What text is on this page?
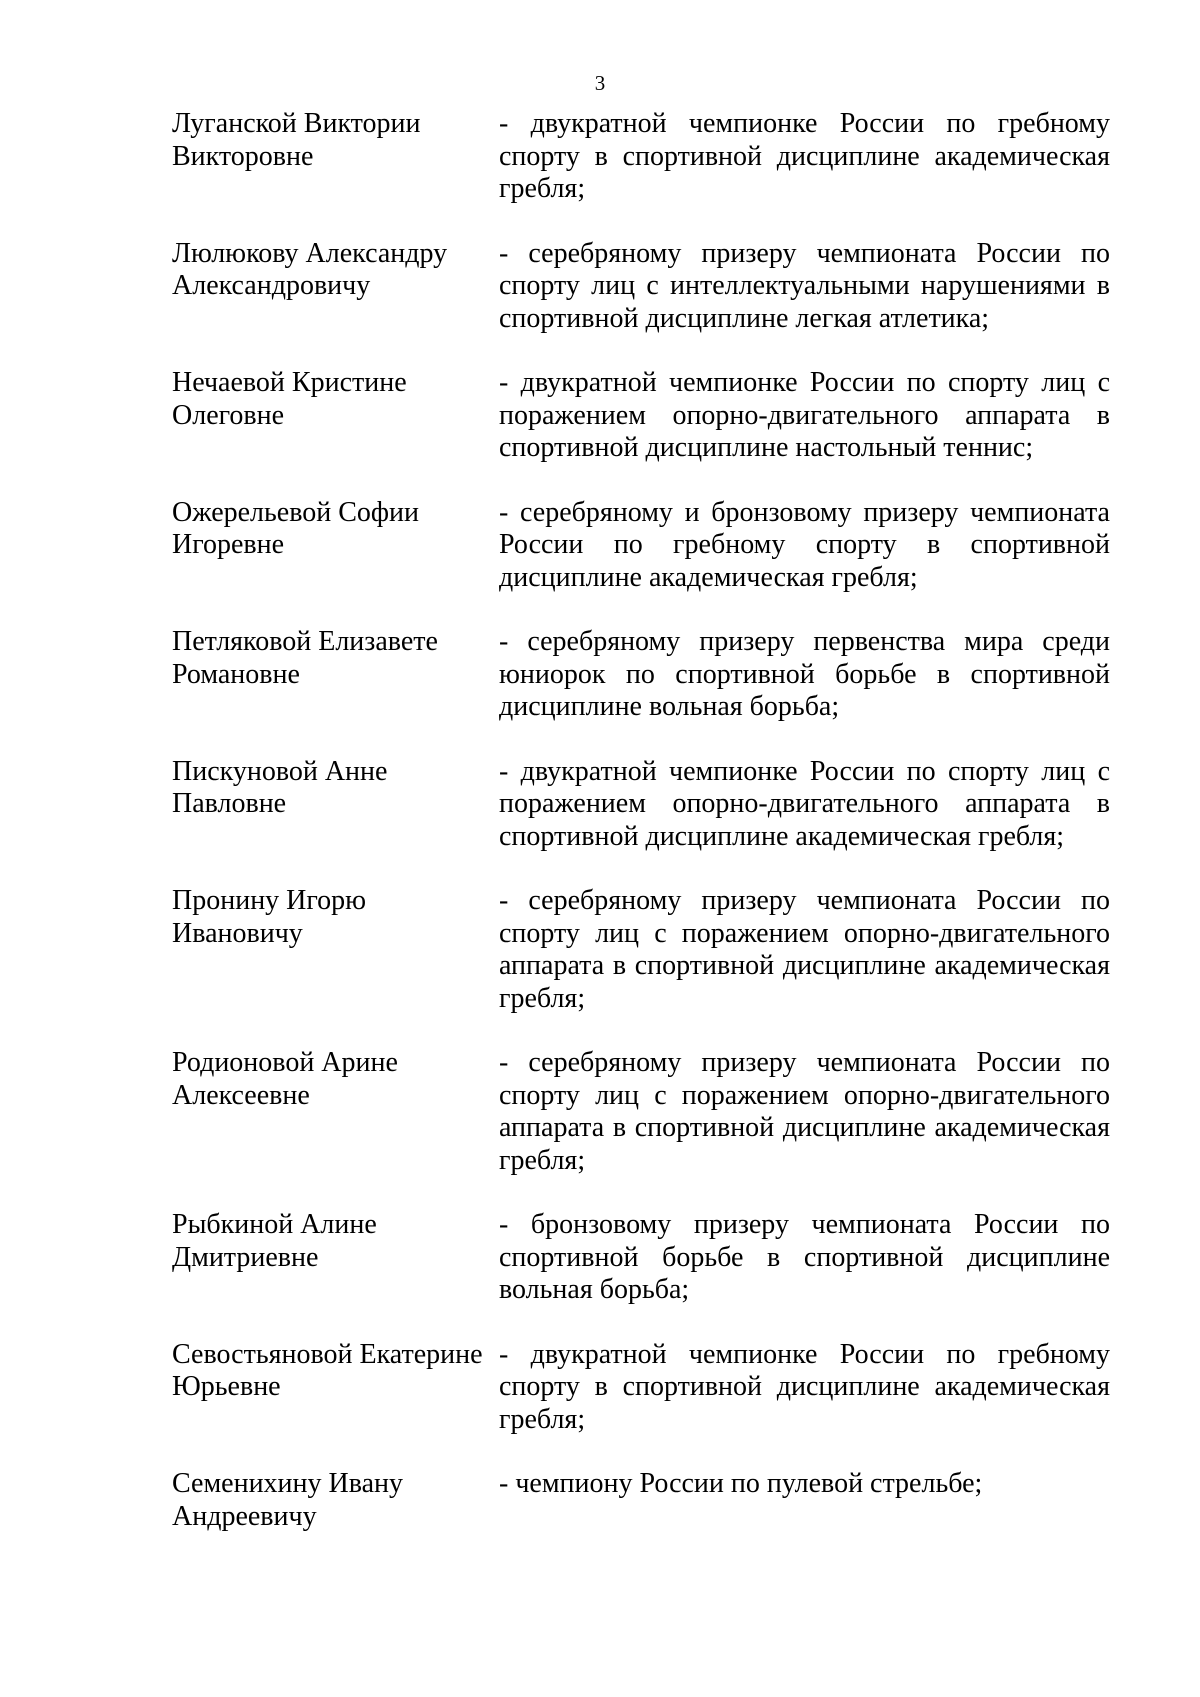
3
Луганской Виктории Викторовне
- двукратной чемпионке России по гребному спорту в спортивной дисциплине академическая гребля;
Люлюкову Александру Александровичу
- серебряному призеру чемпионата России по спорту лиц с интеллектуальными нарушениями в спортивной дисциплине легкая атлетика;
Нечаевой Кристине Олеговне
- двукратной чемпионке России по спорту лиц с поражением опорно-двигательного аппарата в спортивной дисциплине настольный теннис;
Ожерельевой Софии Игоревне
- серебряному и бронзовому призеру чемпионата России по гребному спорту в спортивной дисциплине академическая гребля;
Петляковой Елизавете Романовне
- серебряному призеру первенства мира среди юниорок по спортивной борьбе в спортивной дисциплине вольная борьба;
Пискуновой Анне Павловне
- двукратной чемпионке России по спорту лиц с поражением опорно-двигательного аппарата в спортивной дисциплине академическая гребля;
Пронину Игорю Ивановичу
- серебряному призеру чемпионата России по спорту лиц с поражением опорно-двигательного аппарата в спортивной дисциплине академическая гребля;
Родионовой Арине Алексеевне
- серебряному призеру чемпионата России по спорту лиц с поражением опорно-двигательного аппарата в спортивной дисциплине академическая гребля;
Рыбкиной Алине Дмитриевне
- бронзовому призеру чемпионата России по спортивной борьбе в спортивной дисциплине вольная борьба;
Севостьяновой Екатерине Юрьевне
- двукратной чемпионке России по гребному спорту в спортивной дисциплине академическая гребля;
Семенихину Ивану Андреевичу
- чемпиону России по пулевой стрельбе;
